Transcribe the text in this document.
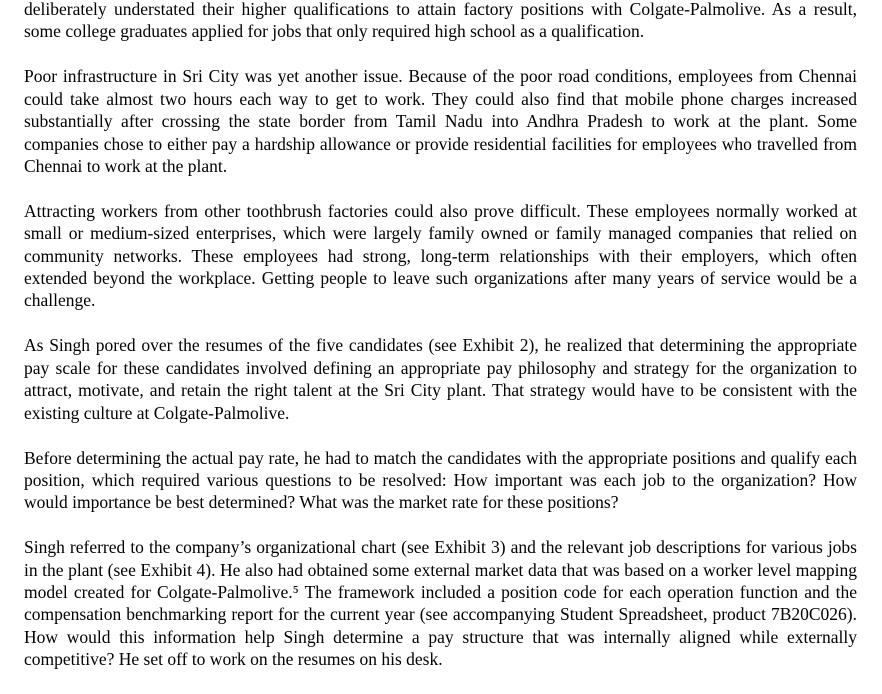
deliberately understated their higher qualifications to attain factory positions with Colgate-Palmolive. As a result, some college graduates applied for jobs that only required high school as a qualification.
Poor infrastructure in Sri City was yet another issue. Because of the poor road conditions, employees from Chennai could take almost two hours each way to get to work. They could also find that mobile phone charges increased substantially after crossing the state border from Tamil Nadu into Andhra Pradesh to work at the plant. Some companies chose to either pay a hardship allowance or provide residential facilities for employees who travelled from Chennai to work at the plant.
Attracting workers from other toothbrush factories could also prove difficult. These employees normally worked at small or medium-sized enterprises, which were largely family owned or family managed companies that relied on community networks. These employees had strong, long-term relationships with their employers, which often extended beyond the workplace. Getting people to leave such organizations after many years of service would be a challenge.
As Singh pored over the resumes of the five candidates (see Exhibit 2), he realized that determining the appropriate pay scale for these candidates involved defining an appropriate pay philosophy and strategy for the organization to attract, motivate, and retain the right talent at the Sri City plant. That strategy would have to be consistent with the existing culture at Colgate-Palmolive.
Before determining the actual pay rate, he had to match the candidates with the appropriate positions and qualify each position, which required various questions to be resolved: How important was each job to the organization? How would importance be best determined? What was the market rate for these positions?
Singh referred to the company’s organizational chart (see Exhibit 3) and the relevant job descriptions for various jobs in the plant (see Exhibit 4). He also had obtained some external market data that was based on a worker level mapping model created for Colgate-Palmolive.⁵ The framework included a position code for each operation function and the compensation benchmarking report for the current year (see accompanying Student Spreadsheet, product 7B20C026). How would this information help Singh determine a pay structure that was internally aligned while externally competitive? He set off to work on the resumes on his desk.
